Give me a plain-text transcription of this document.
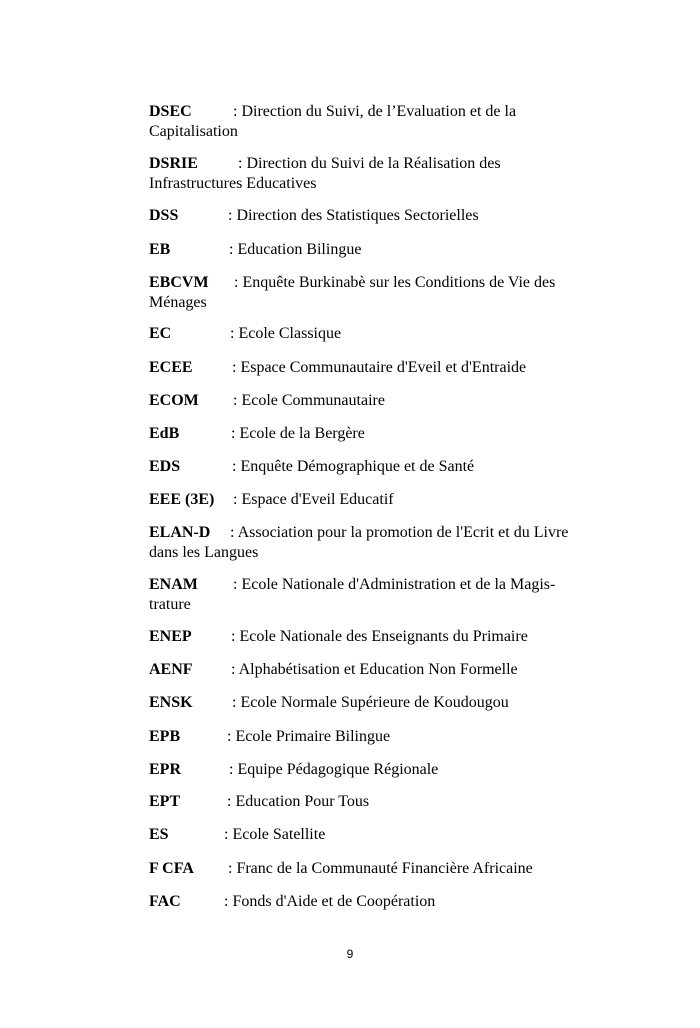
DSEC	: Direction du Suivi, de l’Evaluation et de la
Capitalisation
DSRIE	: Direction du Suivi de la Réalisation des
Infrastructures Educatives
DSS	: Direction des Statistiques Sectorielles
EB	: Education Bilingue
EBCVM : Enquête Burkinabè sur les Conditions de Vie des
Ménages
EC	: Ecole Classique
ECEE : Espace Communautaire d'Eveil et d'Entraide
ECOM : Ecole Communautaire
EdB	: Ecole de la Bergère
EDS	: Enquête Démographique et de Santé
EEE (3E) : Espace d'Eveil Educatif
ELAN-D : Association pour la promotion de l'Ecrit et du Livre
dans les Langues
ENAM : Ecole Nationale d'Administration et de la Magis-
trature
ENEP : Ecole Nationale des Enseignants du Primaire
AENF : Alphabétisation et Education Non Formelle
ENSK : Ecole Normale Supérieure de Koudougou
EPB	: Ecole Primaire Bilingue
EPR	: Equipe Pédagogique Régionale
EPT	: Education Pour Tous
ES	: Ecole Satellite
F CFA : Franc de la Communauté Financière Africaine
FAC	: Fonds d'Aide et de Coopération
9
